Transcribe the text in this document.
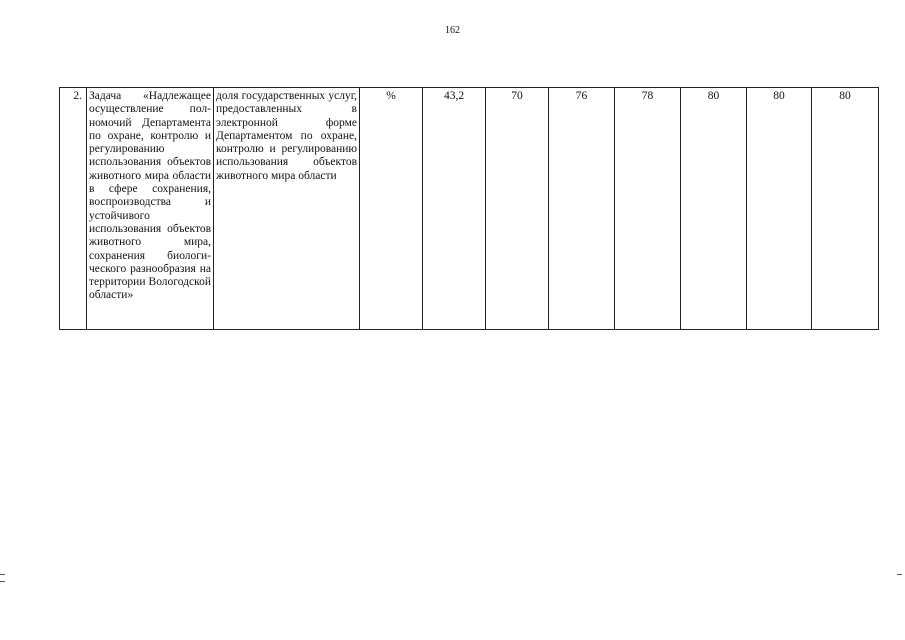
162
2.	Задача «Надлежащее осуществление полномочий Департамента по охране, контролю и регулированию использования объектов животного мира области в сфере сохранения, воспроизводства и устойчивого использования объектов животного мира, сохранения биологического разнообразия на территории Вологодской области»	доля государственных услуг, предоставленных в электронной форме Департаментом по охране, контролю и регулированию использования объектов животного мира области	%	43,2	70	76	78	80	80	80
